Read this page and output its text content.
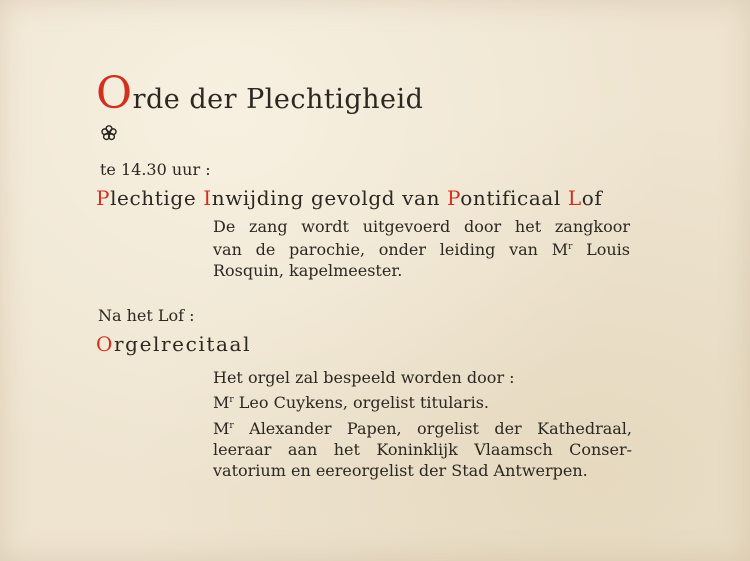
Orde der Plechtigheid
te 14.30 uur :
Plechtige Inwijding gevolgd van Pontificaal Lof
De zang wordt uitgevoerd door het zangkoor
van de parochie, onder leiding van $M^r$ Louis
Rosquin, kapelmeester.
Na het Lof :
Orgelrecitaal
Het orgel zal bespeeld worden door :
$M^r$ Leo Cuykens, orgelist titularis.
$M^r$ Alexander Papen, orgelist der Kathedraal,
leeraar aan het Koninklijk Vlaamsch Conser-
vatorium en eereorgelist der Stad Antwerpen.
